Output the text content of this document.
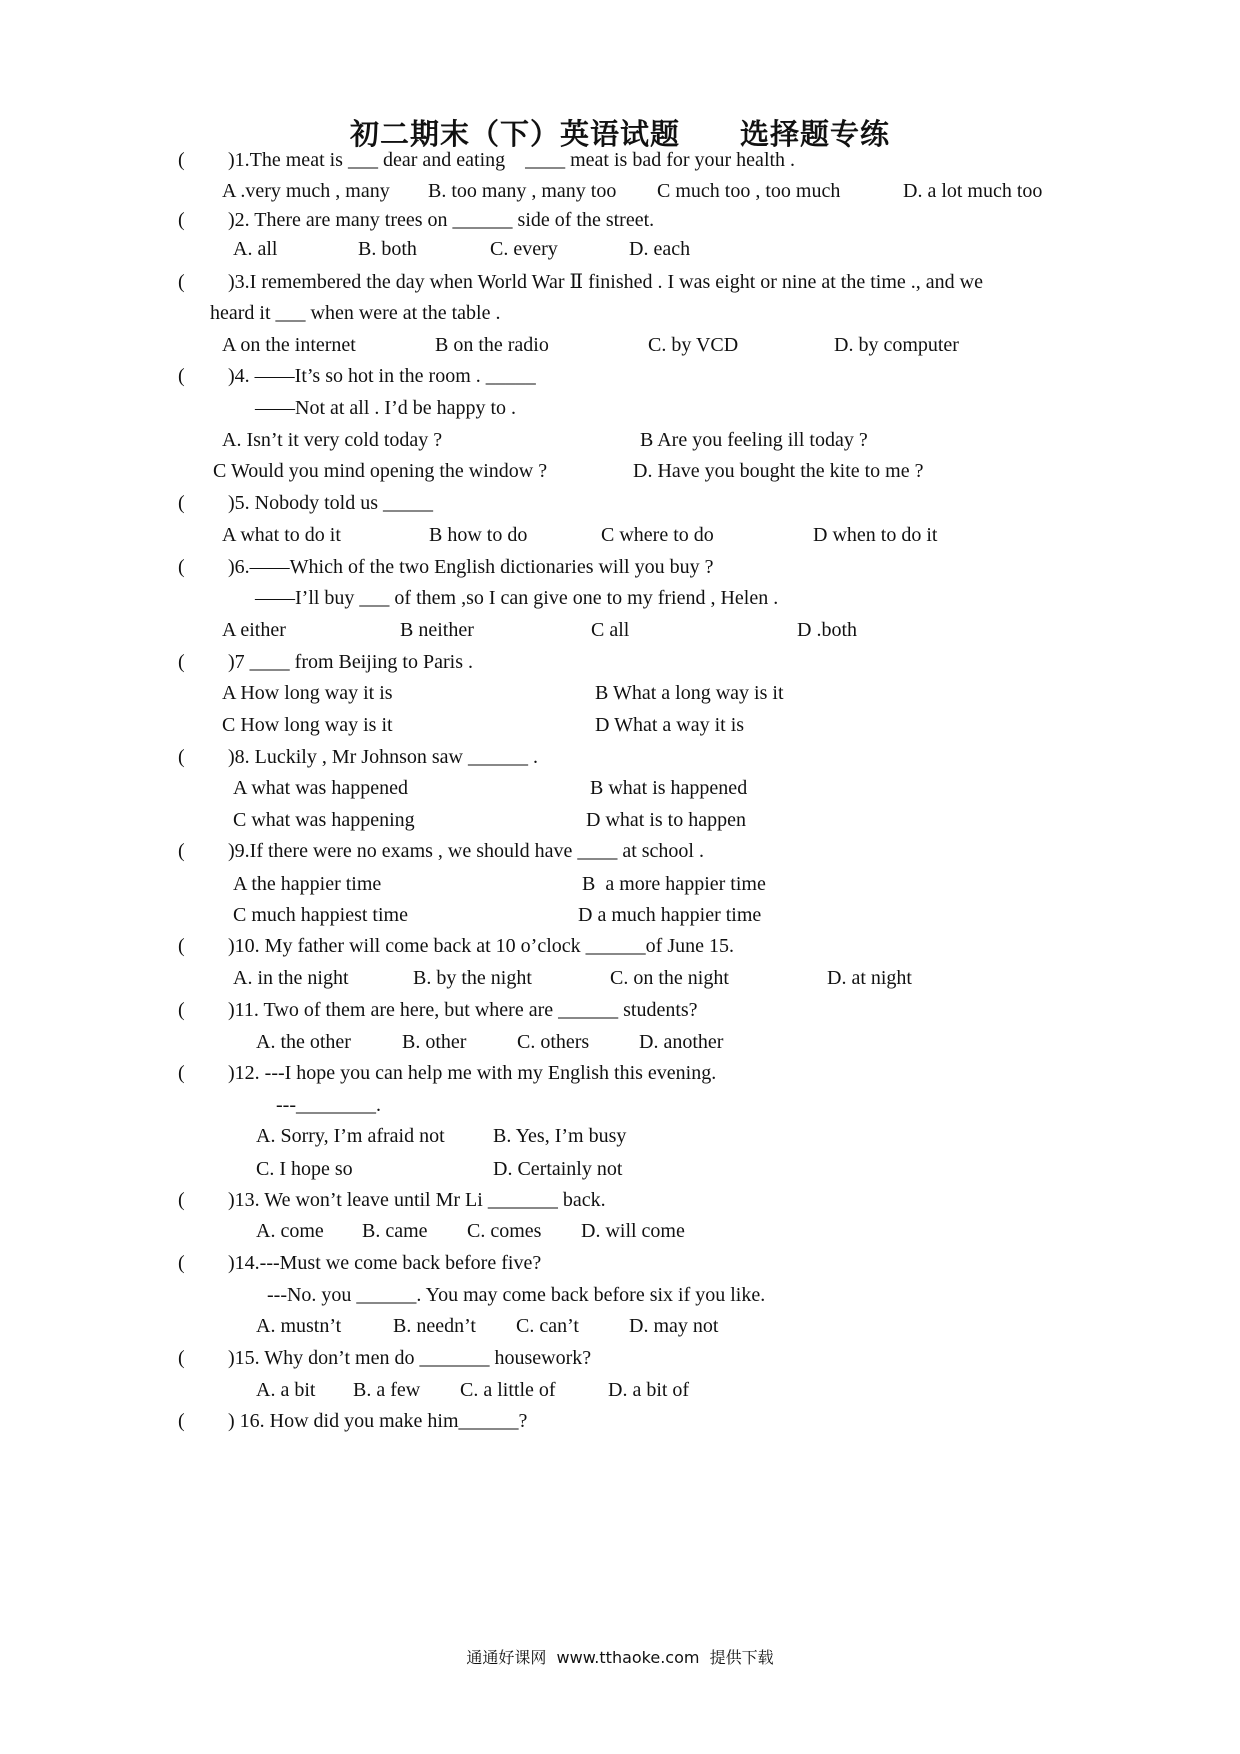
初二期末（下）英语试题　　选择题专练
( )1.The meat is ___ dear and eating    ____ meat is bad for your health .
A .very much , many B. too many , many too C much too , too much	D. a lot much too
( )2. There are many trees on ______ side of the street.
A. all	B. both	C. every	D. each
( )3.I remembered the day when World War Ⅱ finished . I was eight or nine at the time ., and we
heard it ___ when were at the table .
A on the internet	B on the radio	C. by VCD	D. by computer
( )4. ——It’s so hot in the room . _____
——Not at all . I’d be happy to .
A. Isn’t it very cold today ?	B Are you feeling ill today ?
C Would you mind opening the window ?	D. Have you bought the kite to me ?
( )5. Nobody told us _____
A what to do it	B how to do	C where to do	D when to do it
( )6.——Which of the two English dictionaries will you buy ?
——I’ll buy ___ of them ,so I can give one to my friend , Helen .
A either	B neither	C all	D .both
( )7 ____ from Beijing to Paris .
A How long way it is	B What a long way is it
C How long way is it	D What a way it is
( )8. Luckily , Mr Johnson saw ______ .
A what was happened	B what is happened
C what was happening	D what is to happen
( )9.If there were no exams , we should have ____ at school .
A the happier time	B  a more happier time
C much happiest time	D a much happier time
( )10. My father will come back at 10 o’clock ______of June 15.
A. in the night	B. by the night	C. on the night	D. at night
( )11. Two of them are here, but where are ______ students?
A. the other	B. other	C. others D. another
( )12. ---I hope you can help me with my English this evening.
---________.
A. Sorry, I’m afraid not B. Yes, I’m busy
C. I hope so	D. Certainly not
( )13. We won’t leave until Mr Li _______ back.
A. come B. came C. comes D. will come
( )14.---Must we come back before five?
---No. you ______. You may come back before six if you like.
A. mustn’t	B. needn’t C. can’t	D. may not
( )15. Why don’t men do _______ housework?
A. a bit B. a few C. a little of	D. a bit of
( ) 16. How did you make him______?
通通好课网  www.tthaoke.com  提供下载
